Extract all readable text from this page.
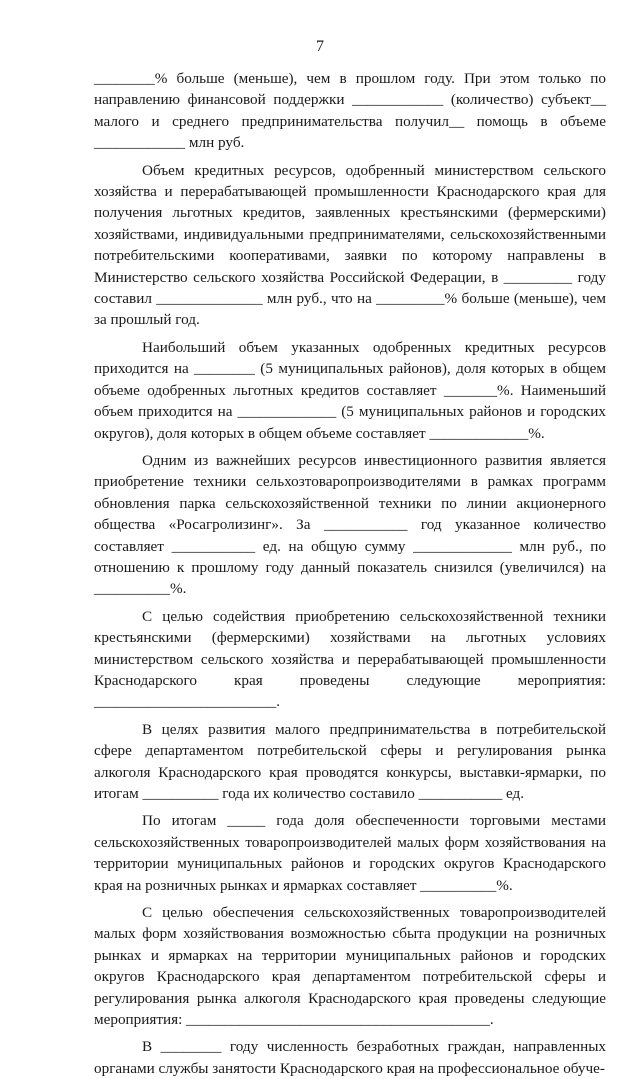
7

________% больше (меньше), чем в прошлом году. При этом только по направлению финансовой поддержки ____________ (количество) субъект__ малого и среднего предпринимательства получил__ помощь в объеме ____________ млн руб.

Объем кредитных ресурсов, одобренный министерством сельского хозяйства и перерабатывающей промышленности Краснодарского края для получения льготных кредитов, заявленных крестьянскими (фермерскими) хозяйствами, индивидуальными предпринимателями, сельскохозяйственными потребительскими кооперативами, заявки по которому направлены в Министерство сельского хозяйства Российской Федерации, в _________ году составил ______________ млн руб., что на _________% больше (меньше), чем за прошлый год.

Наибольший объем указанных одобренных кредитных ресурсов приходится на ________ (5 муниципальных районов), доля которых в общем объеме одобренных льготных кредитов составляет _______%. Наименьший объем приходится на _____________ (5 муниципальных районов и городских округов), доля которых в общем объеме составляет _____________%.

Одним из важнейших ресурсов инвестиционного развития является приобретение техники сельхозтоваропроизводителями в рамках программ обновления парка сельскохозяйственной техники по линии акционерного общества «Росагролизинг». За ___________ год указанное количество составляет ___________ ед. на общую сумму _____________ млн руб., по отношению к прошлому году данный показатель снизился (увеличился) на __________%.

С целью содействия приобретению сельскохозяйственной техники крестьянскими (фермерскими) хозяйствами на льготных условиях министерством сельского хозяйства и перерабатывающей промышленности Краснодарского края проведены следующие мероприятия: ________________________.

В целях развития малого предпринимательства в потребительской сфере департаментом потребительской сферы и регулирования рынка алкоголя Краснодарского края проводятся конкурсы, выставки-ярмарки, по итогам __________ года их количество составило ___________ ед.

По итогам _____ года доля обеспеченности торговыми местами сельскохозяйственных товаропроизводителей малых форм хозяйствования на территории муниципальных районов и городских округов Краснодарского края на розничных рынках и ярмарках составляет __________%.

С целью обеспечения сельскохозяйственных товаропроизводителей малых форм хозяйствования возможностью сбыта продукции на розничных рынках и ярмарках на территории муниципальных районов и городских округов Краснодарского края департаментом потребительской сферы и регулирования рынка алкоголя Краснодарского края проведены следующие мероприятия: ________________________________________.

В ________ году численность безработных граждан, направленных органами службы занятости Краснодарского края на профессиональное обуче-
